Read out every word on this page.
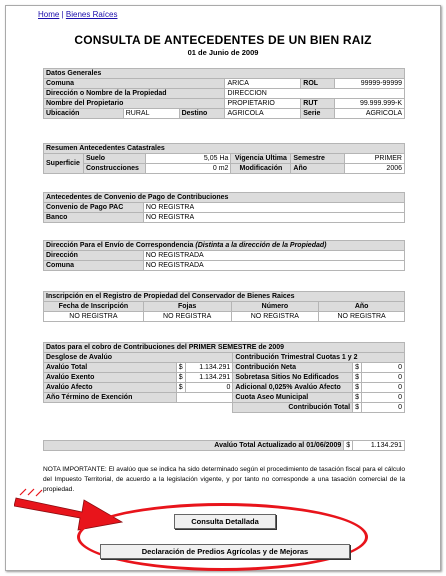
Home | Bienes Raíces
CONSULTA DE ANTECEDENTES DE UN BIEN RAIZ
01 de Junio de 2009
Datos Generales					
Comuna			ARICA	ROL	99999-99999
Dirección o Nombre de la Propiedad			DIRECCION		
Nombre del Propietario			PROPIETARIO	RUT	99.999.999-K
Ubicación	RURAL	Destino	AGRICOLA	Serie	AGRICOLA
Resumen Antecedentes Catastrales					
Superficie	Suelo	5,05 Ha	Vigencia Ultima	Semestre	PRIMER
	Construcciones	0 m2	Modificación	Año	2006
Antecedentes de Convenio de Pago de Contribuciones	
Convenio de Pago PAC	NO REGISTRA
Banco	NO REGISTRA
Dirección Para el Envío de Correspondencia (Distinta a la dirección de la Propiedad)	
Dirección	NO REGISTRADA
Comuna	NO REGISTRADA
Inscripción en el Registro de Propiedad del Conservador de Bienes Raices			
Fecha de Inscripción	Fojas	Número	Año
NO REGISTRA	NO REGISTRA	NO REGISTRA	NO REGISTRA
Datos para el cobro de Contribuciones del PRIMER SEMESTRE de 2009					
Desglose de Avalúo			Contribución Trimestral Cuotas 1 y 2		
Avalúo Total	$	1.134.291	Contribución Neta	$	0
Avalúo Exento	$	1.134.291	Sobretasa Sitios No Edificados	$	0
Avalúo Afecto	$	0	Adicional 0,025% Avalúo Afecto	$	0
Año Término de Exención			Cuota Aseo Municipal	$	0
			Contribución Total	$	0
Avalúo Total Actualizado al 01/06/2009	$	1.134.291
NOTA IMPORTANTE: El avalúo que se indica ha sido determinado según el procedimiento de tasación fiscal para el cálculo del Impuesto Territorial, de acuerdo a la legislación vigente, y por tanto no corresponde a una tasación comercial de la propiedad.
Consulta Detallada
Declaración de Predios Agrícolas y de Mejoras
